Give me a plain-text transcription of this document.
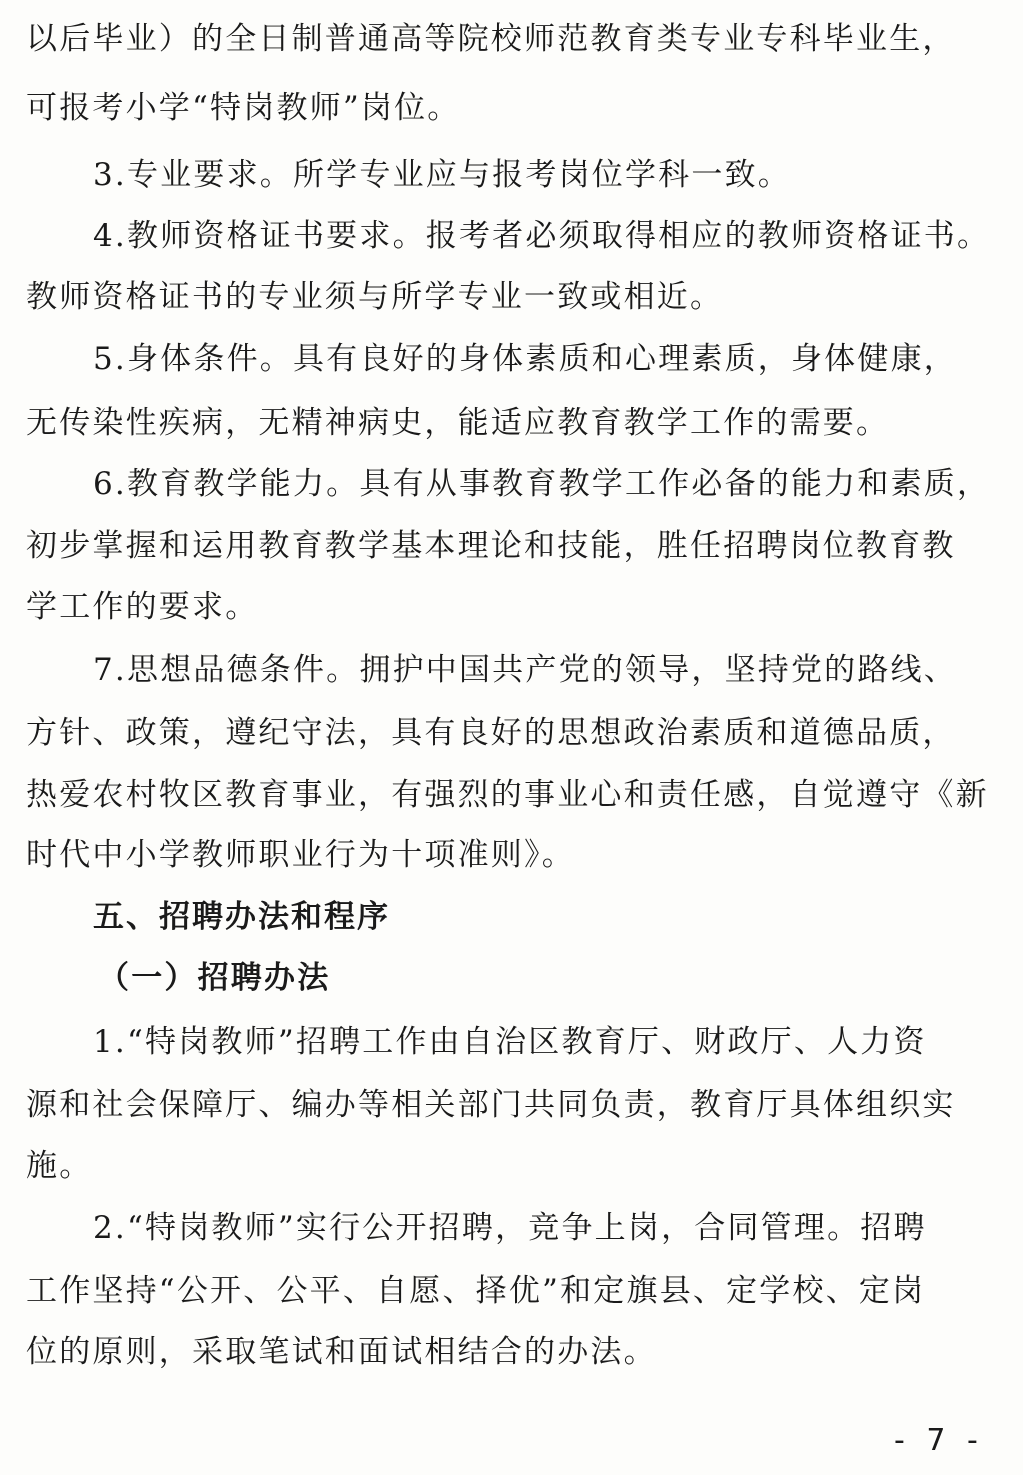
以后毕业）的全日制普通高等院校师范教育类专业专科毕业生，
可报考小学“特岗教师”岗位。
3.专业要求。所学专业应与报考岗位学科一致。
4.教师资格证书要求。报考者必须取得相应的教师资格证书。
教师资格证书的专业须与所学专业一致或相近。
5.身体条件。具有良好的身体素质和心理素质，身体健康，
无传染性疾病，无精神病史，能适应教育教学工作的需要。
6.教育教学能力。具有从事教育教学工作必备的能力和素质，
初步掌握和运用教育教学基本理论和技能，胜任招聘岗位教育教
学工作的要求。
7.思想品德条件。拥护中国共产党的领导，坚持党的路线、
方针、政策，遵纪守法，具有良好的思想政治素质和道德品质，
热爱农村牧区教育事业，有强烈的事业心和责任感，自觉遵守《新
时代中小学教师职业行为十项准则》。
五、招聘办法和程序
（一）招聘办法
1.“特岗教师”招聘工作由自治区教育厅、财政厅、人力资
源和社会保障厅、编办等相关部门共同负责，教育厅具体组织实
施。
2.“特岗教师”实行公开招聘，竞争上岗，合同管理。招聘
工作坚持“公开、公平、自愿、择优”和定旗县、定学校、定岗
位的原则，采取笔试和面试相结合的办法。
- 7 -
